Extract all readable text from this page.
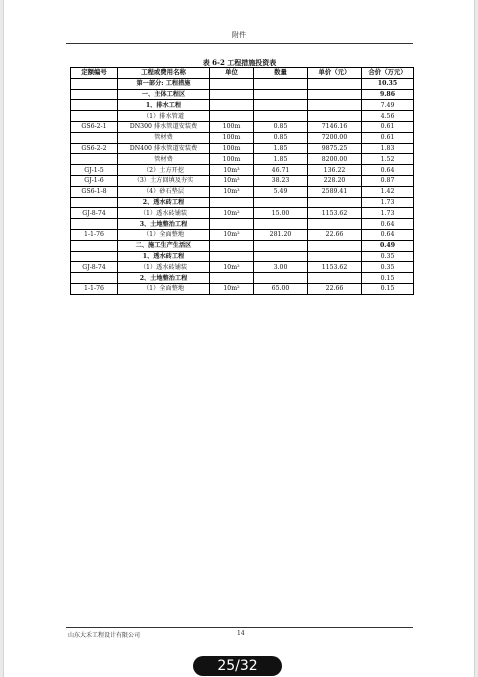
附件
表 6-2 工程措施投资表
定额编号	工程或费用名称	单位	数量	单价（元）	合价（万元）
	第一部分: 工程措施				10.35
	一、主体工程区				9.86
	1、排水工程				7.49
	（1）排水管道				4.56
GS6-2-1	DN300 排水管道安装费	100m	0.85	7146.16	0.61
	管材费	100m	0.85	7200.00	0.61
GS6-2-2	DN400 排水管道安装费	100m	1.85	9875.25	1.83
	管材费	100m	1.85	8200.00	1.52
GJ-1-5	（2）土方开挖	10m³	46.71	136.22	0.64
GJ-1-6	（3）土方回填及夯实	10m³	38.23	228.20	0.87
GS6-1-8	（4）砂石垫层	10m³	5.49	2589.41	1.42
	2、透水砖工程				1.73
GJ-8-74	（1）透水砖铺装	10m²	15.00	1153.62	1.73
	3、土地整治工程				0.64
1-1-76	（1）全面整地	10m²	281.20	22.66	0.64
	二、施工生产生活区				0.49
	1、透水砖工程				0.35
GJ-8-74	（1）透水砖铺装	10m²	3.00	1153.62	0.35
	2、土地整治工程				0.15
1-1-76	（1）全面整地	10m²	65.00	22.66	0.15
山东大禾工程设计有限公司	14
25/32
